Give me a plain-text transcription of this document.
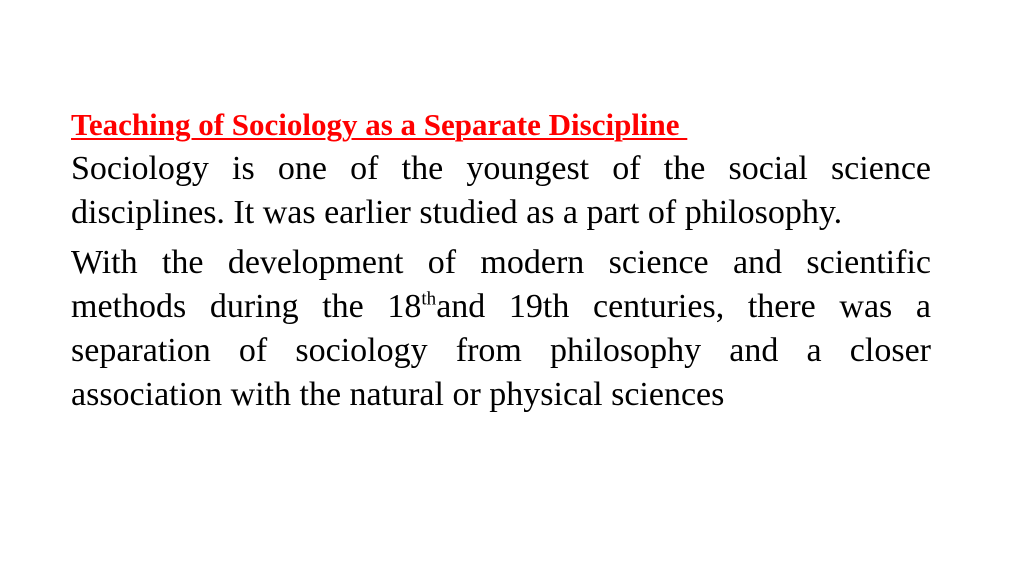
Teaching of Sociology as a Separate Discipline

Sociology is one of the youngest of the social science disciplines. It was earlier studied as a part of philosophy.

With the development of modern science and scientific methods during the 18thand 19th centuries, there was a separation of sociology from philosophy and a closer association with the natural or physical sciences
